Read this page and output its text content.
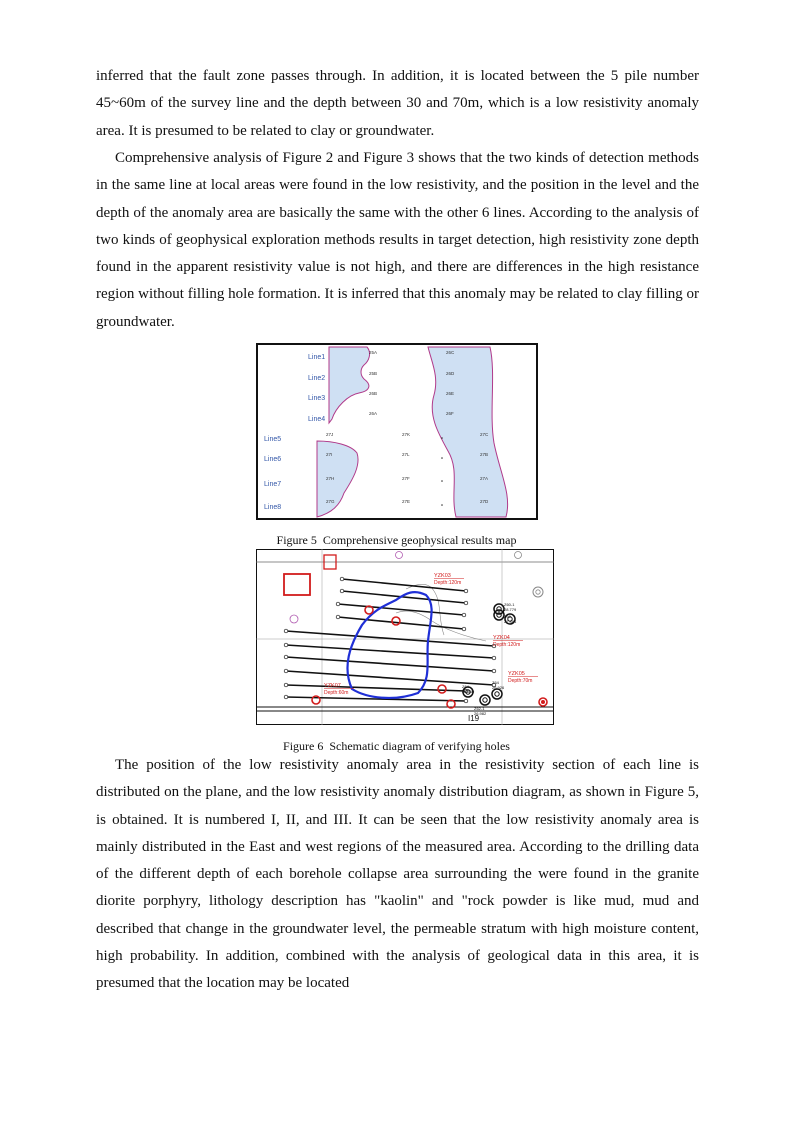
inferred that the fault zone passes through. In addition, it is located between the 5 pile number 45~60m of the survey line and the depth between 30 and 70m, which is a low resistivity anomaly area. It is presumed to be related to clay or groundwater.

Comprehensive analysis of Figure 2 and Figure 3 shows that the two kinds of detection methods in the same line at local areas were found in the low resistivity, and the position in the level and the depth of the anomaly area are basically the same with the other 6 lines. According to the analysis of two kinds of geophysical exploration methods results in target detection, high resistivity zone depth found in the apparent resistivity value is not high, and there are differences in the high resistance region without filling hole formation. It is inferred that this anomaly may be related to clay filling or groundwater.

Line1
Line2
Line3
Line4
Line5
Line6
Line7
Line8
25A
25B
26B
26A
26C
26D
26E
26F
27J
27I
27H
27G
27K
27L
27F
27E
27C
27B
27A
27D

Figure 5  Comprehensive geophysical results map

YZK03
Depth:120m
YZK04
Depth:120m
YZK05
Depth:70m
YZK07
Depth:60m
Z60-1
28.779
Z60
27.384
Z64
26.560
Z64
26.926
Z62-1
26.982
I19

Figure 6  Schematic diagram of verifying holes

The position of the low resistivity anomaly area in the resistivity section of each line is distributed on the plane, and the low resistivity anomaly distribution diagram, as shown in Figure 5, is obtained. It is numbered I, II, and III. It can be seen that the low resistivity anomaly area is mainly distributed in the East and west regions of the measured area. According to the drilling data of the different depth of each borehole collapse area surrounding the were found in the granite diorite porphyry, lithology description has "kaolin" and "rock powder is like mud, mud and described that change in the groundwater level, the permeable stratum with high moisture content, high probability. In addition, combined with the analysis of geological data in this area, it is presumed that the location may be located
